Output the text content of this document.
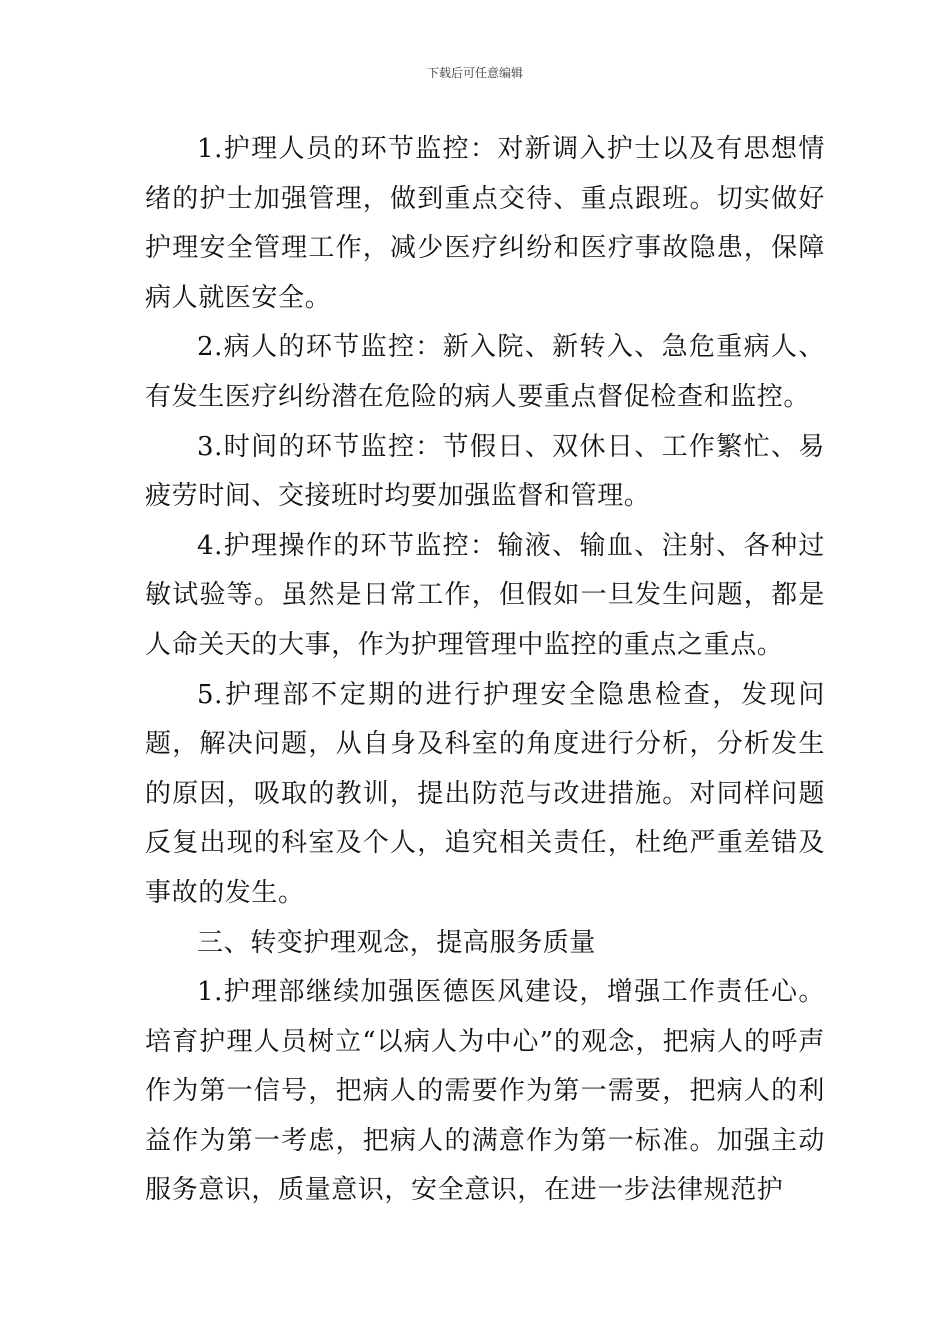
下载后可任意编辑

1.护理人员的环节监控：对新调入护士以及有思想情绪的护士加强管理，做到重点交待、重点跟班。切实做好护理安全管理工作，减少医疗纠纷和医疗事故隐患，保障病人就医安全。

2.病人的环节监控：新入院、新转入、急危重病人、有发生医疗纠纷潜在危险的病人要重点督促检查和监控。

3.时间的环节监控：节假日、双休日、工作繁忙、易疲劳时间、交接班时均要加强监督和管理。

4.护理操作的环节监控：输液、输血、注射、各种过敏试验等。虽然是日常工作，但假如一旦发生问题，都是人命关天的大事，作为护理管理中监控的重点之重点。

5.护理部不定期的进行护理安全隐患检查，发现问题，解决问题，从自身及科室的角度进行分析，分析发生的原因，吸取的教训，提出防范与改进措施。对同样问题反复出现的科室及个人，追究相关责任，杜绝严重差错及事故的发生。

三、转变护理观念，提高服务质量

1.护理部继续加强医德医风建设，增强工作责任心。培育护理人员树立“以病人为中心”的观念，把病人的呼声作为第一信号，把病人的需要作为第一需要，把病人的利益作为第一考虑，把病人的满意作为第一标准。加强主动服务意识，质量意识，安全意识，在进一步法律规范护
